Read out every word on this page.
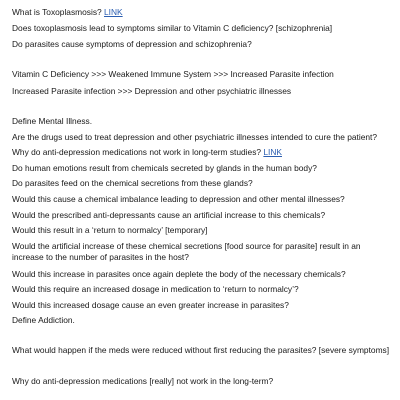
What is Toxoplasmosis? LINK
Does toxoplasmosis lead to symptoms similar to Vitamin C deficiency? [schizophrenia]
Do parasites cause symptoms of depression and schizophrenia?
Vitamin C Deficiency >>> Weakened Immune System >>> Increased Parasite infection
Increased Parasite infection >>> Depression and other psychiatric illnesses
Define Mental Illness.
Are the drugs used to treat depression and other psychiatric illnesses intended to cure the patient?
Why do anti-depression medications not work in long-term studies? LINK
Do human emotions result from chemicals secreted by glands in the human body?
Do parasites feed on the chemical secretions from these glands?
Would this cause a chemical imbalance leading to depression and other mental illnesses?
Would the prescribed anti-depressants cause an artificial increase to this chemicals?
Would this result in a ‘return to normalcy’ [temporary]
Would the artificial increase of these chemical secretions [food source for parasite] result in an increase to the number of parasites in the host?
Would this increase in parasites once again deplete the body of the necessary chemicals?
Would this require an increased dosage in medication to ‘return to normalcy’?
Would this increased dosage cause an even greater increase in parasites?
Define Addiction.
What would happen if the meds were reduced without first reducing the parasites? [severe symptoms]
Why do anti-depression medications [really] not work in the long-term?
